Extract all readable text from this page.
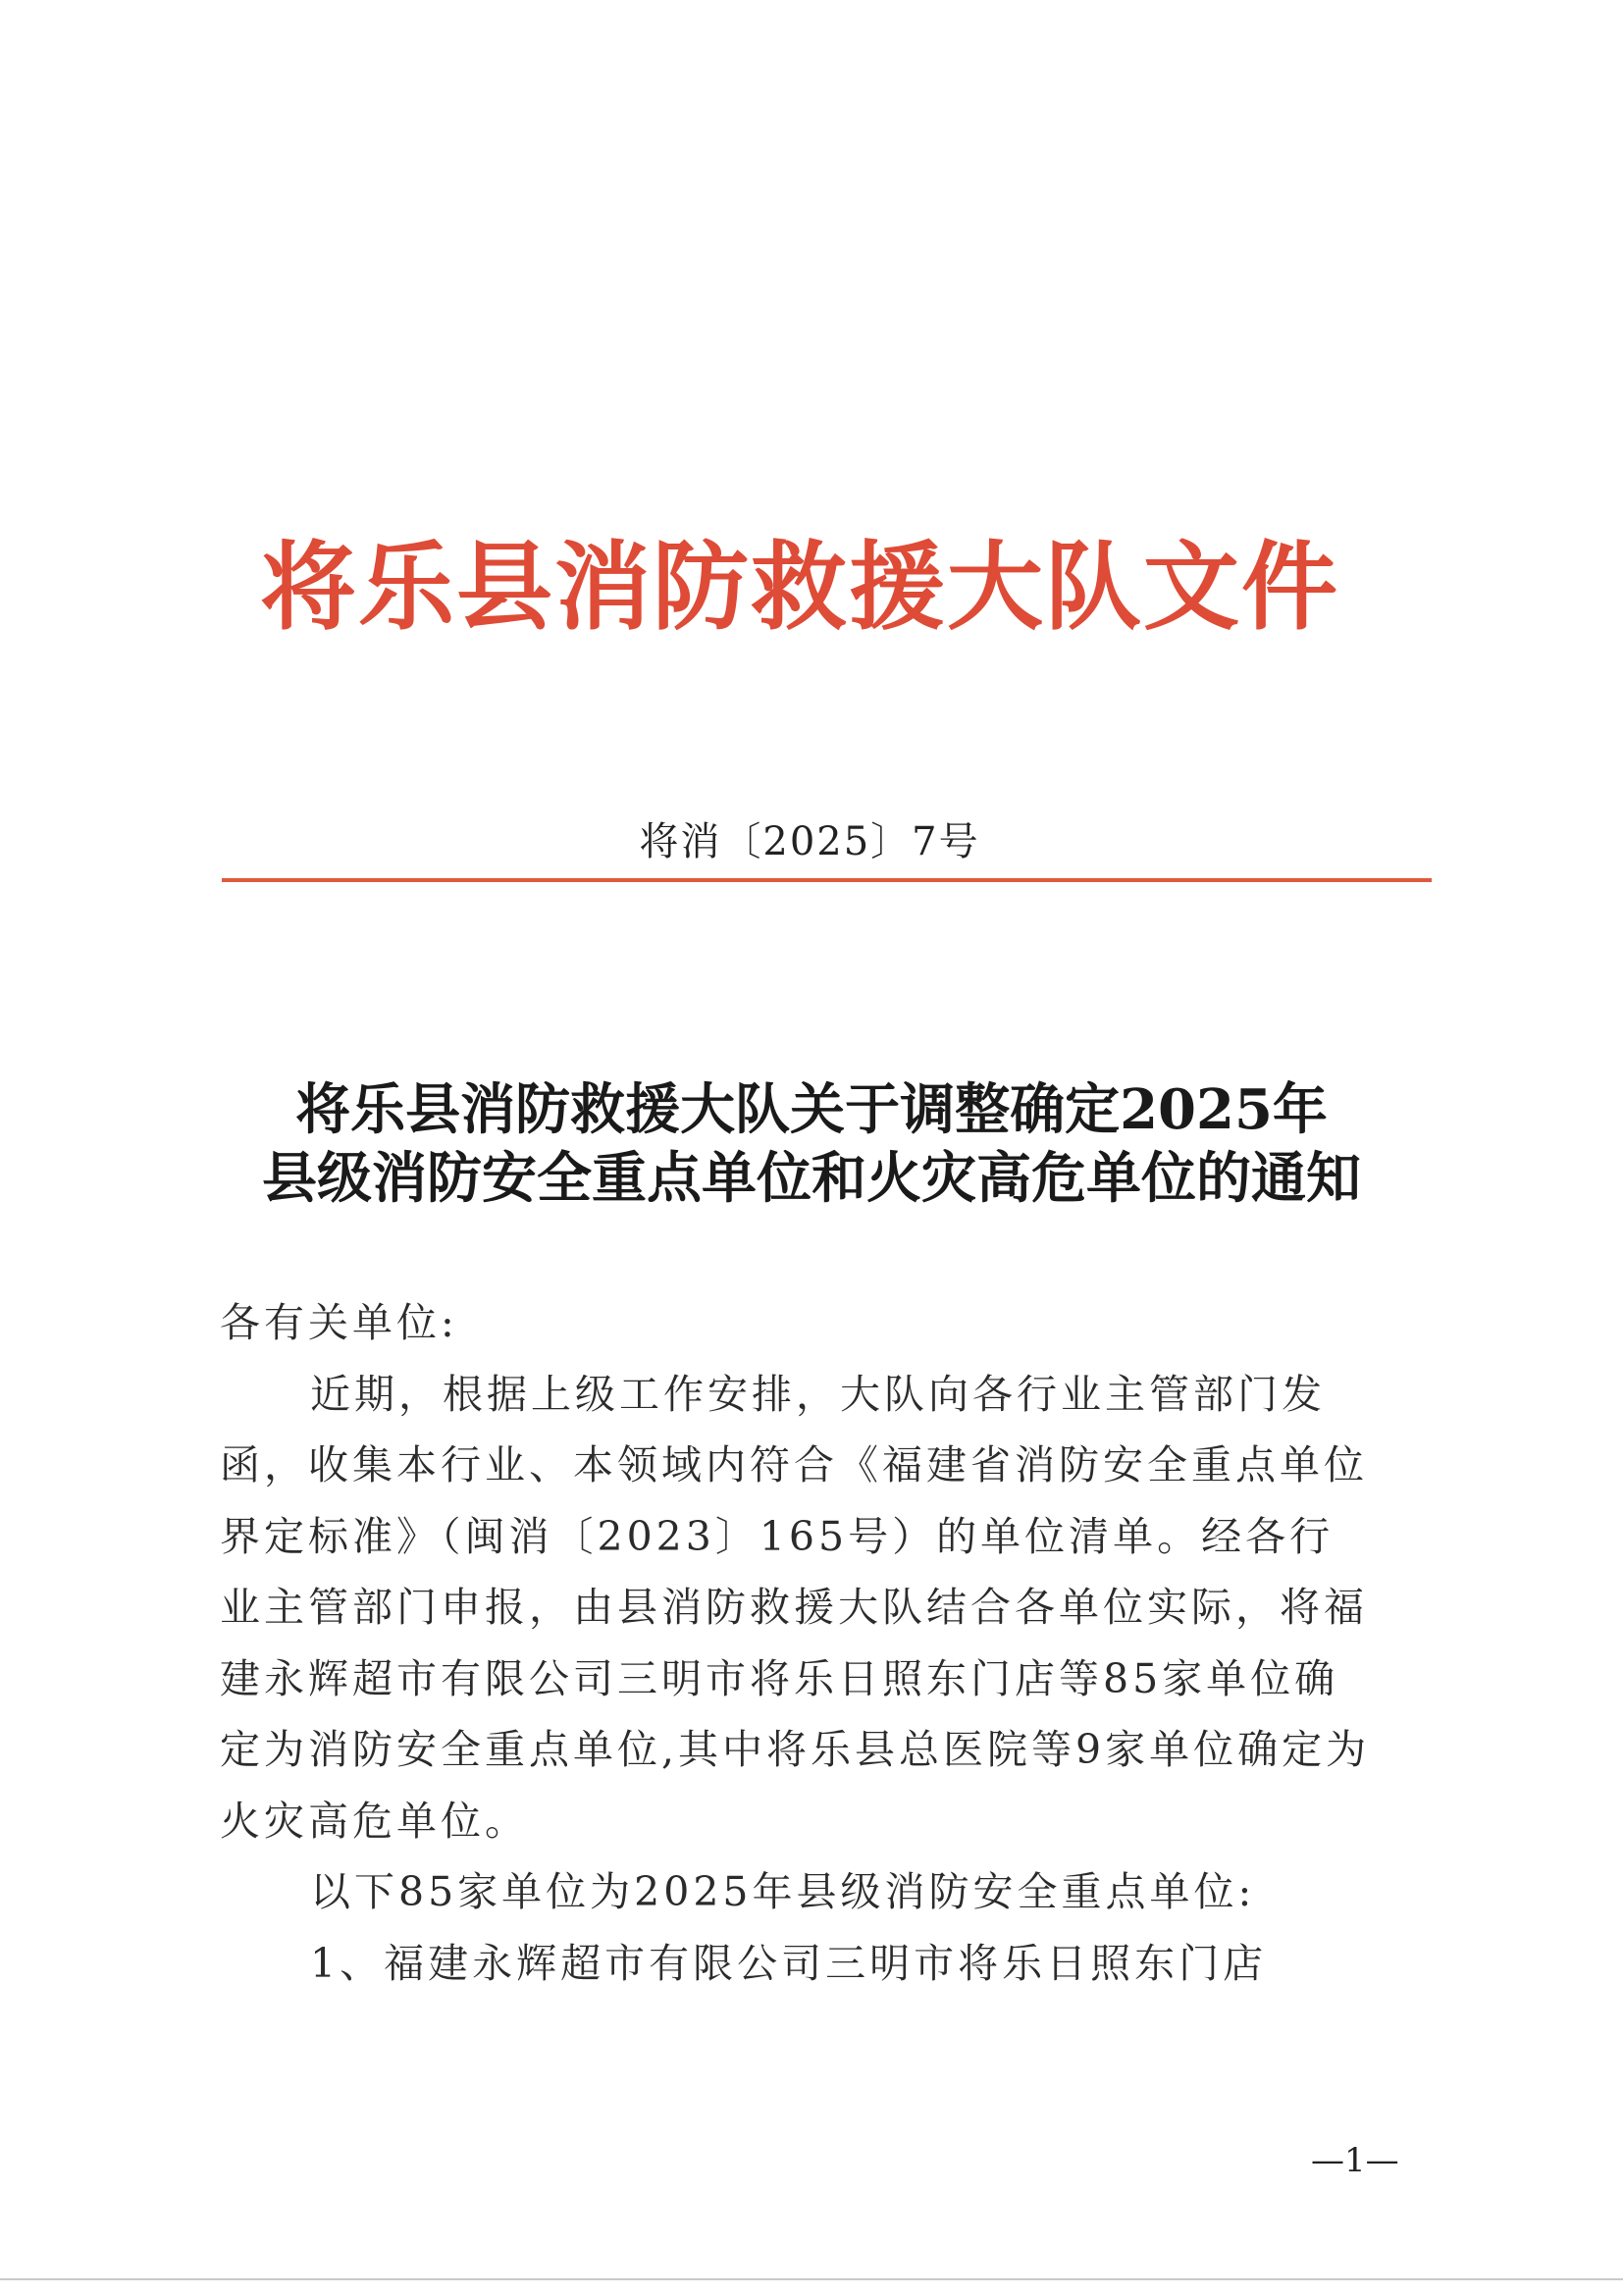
将乐县消防救援大队文件
将消〔2025〕7号
将乐县消防救援大队关于调整确定2025年
县级消防安全重点单位和火灾高危单位的通知

各有关单位:

近期，根据上级工作安排，大队向各行业主管部门发函，收集本行业、本领域内符合《福建省消防安全重点单位界定标准》（闽消〔2023〕165号）的单位清单。经各行业主管部门申报，由县消防救援大队结合各单位实际，将福建永辉超市有限公司三明市将乐日照东门店等85家单位确定为消防安全重点单位,其中将乐县总医院等9家单位确定为火灾高危单位。

以下85家单位为2025年县级消防安全重点单位:

1、福建永辉超市有限公司三明市将乐日照东门店

—1—
